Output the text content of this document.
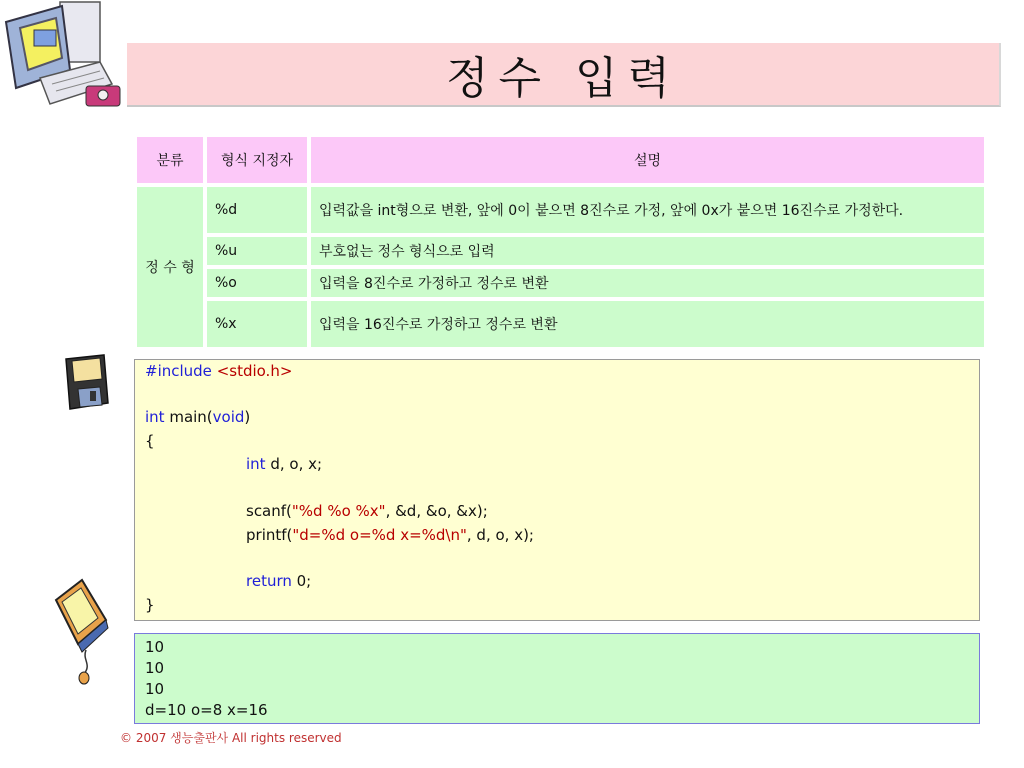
정수 입력
분류	형식 지정자	설명
정 수 형	%d	입력값을 int형으로 변환, 앞에 0이 붙으면 8진수로 가정, 앞에 0x가 붙으면 16진수로 가정한다.
	%u	부호없는 정수 형식으로 입력
	%o	입력을 8진수로 가정하고 정수로 변환
	%x	입력을 16진수로 가정하고 정수로 변환
#include <stdio.h>
int main(void)
{
int d, o, x;
scanf("%d %o %x", &d, &o, &x);
printf("d=%d o=%d x=%d\n", d, o, x);
return 0;
}
10
10
10
d=10 o=8 x=16
© 2007 생능출판사 All rights reserved
